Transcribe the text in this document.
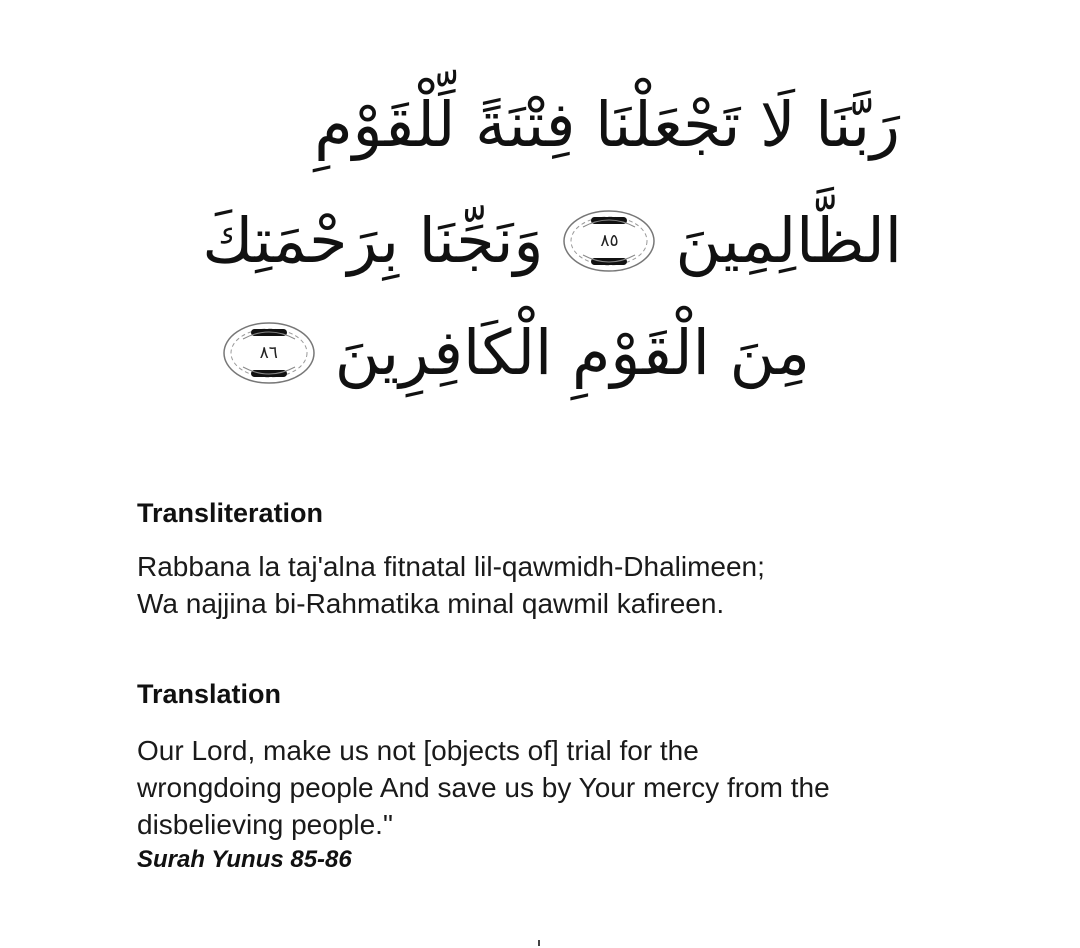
رَبَّنَا لَا تَجْعَلْنَا فِتْنَةً لِّلْقَوْمِ
الظَّالِمِينَ
٨٥
وَنَجِّنَا بِرَحْمَتِكَ
مِنَ الْقَوْمِ الْكَافِرِينَ
٨٦
Transliteration

Rabbana la taj'alna fitnatal lil-qawmidh-Dhalimeen;
Wa najjina bi-Rahmatika minal qawmil kafireen.

Translation

Our Lord, make us not [objects of] trial for the
wrongdoing people And save us by Your mercy from the
disbelieving people."

Surah Yunus 85-86
